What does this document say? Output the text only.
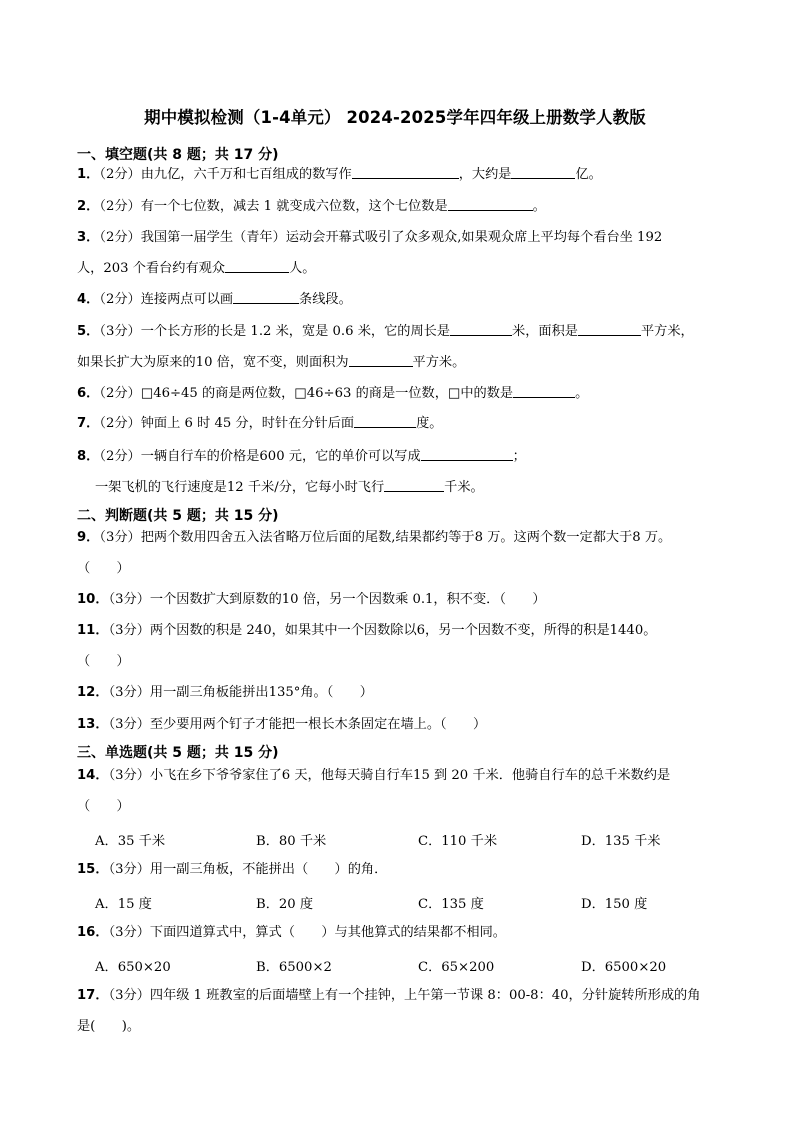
期中模拟检测（1-4单元） 2024-2025学年四年级上册数学人教版
一、填空题(共 8 题；共 17 分)
1．（2分）由九亿，六千万和七百组成的数写作	，大约是	亿。
2．（2分）有一个七位数，减去 1 就变成六位数，这个七位数是	。
3．（2分）我国第一届学生（青年）运动会开幕式吸引了众多观众,如果观众席上平均每个看台坐 192
人，203 个看台约有观众	人。
4．（2分）连接两点可以画	条线段。
5．（3分）一个长方形的长是 1.2 米，宽是 0.6 米，它的周长是	米，面积是	平方米，
如果长扩大为原来的10 倍，宽不变，则面积为	平方米。
6．（2分）□46÷45 的商是两位数，□46÷63 的商是一位数，□中的数是	。
7．（2分）钟面上 6 时 45 分，时针在分针后面	度。
8．（2分）一辆自行车的价格是600 元，它的单价可以写成	；
一架飞机的飞行速度是12 千米/分，它每小时飞行	千米。
二、判断题(共 5 题；共 15 分)
9．（3分）把两个数用四舍五入法省略万位后面的尾数,结果都约等于8 万。这两个数一定都大于8 万。
（　　）
10．（3分）一个因数扩大到原数的10 倍，另一个因数乘 0.1，积不变．（　　）
11．（3分）两个因数的积是 240，如果其中一个因数除以6，另一个因数不变，所得的积是1440。
（　　）
12．（3分）用一副三角板能拼出135°角。（　　）
13．（3分）至少要用两个钉子才能把一根长木条固定在墙上。（　　）
三、单选题(共 5 题；共 15 分)
14．（3分）小飞在乡下爷爷家住了6 天，他每天骑自行车15 到 20 千米．他骑自行车的总千米数约是
（　　）
A．35 千米	B．80 千米	C．110 千米	D．135 千米
15．（3分）用一副三角板，不能拼出（　　）的角．
A．15 度	B．20 度	C．135 度	D．150 度
16．（3分）下面四道算式中，算式（　　）与其他算式的结果都不相同。
A．650×20	B．6500×2	C．65×200	D．6500×20
17．（3分）四年级 1 班教室的后面墙壁上有一个挂钟，上午第一节课 8：00-8：40，分针旋转所形成的角
是(　　)。
